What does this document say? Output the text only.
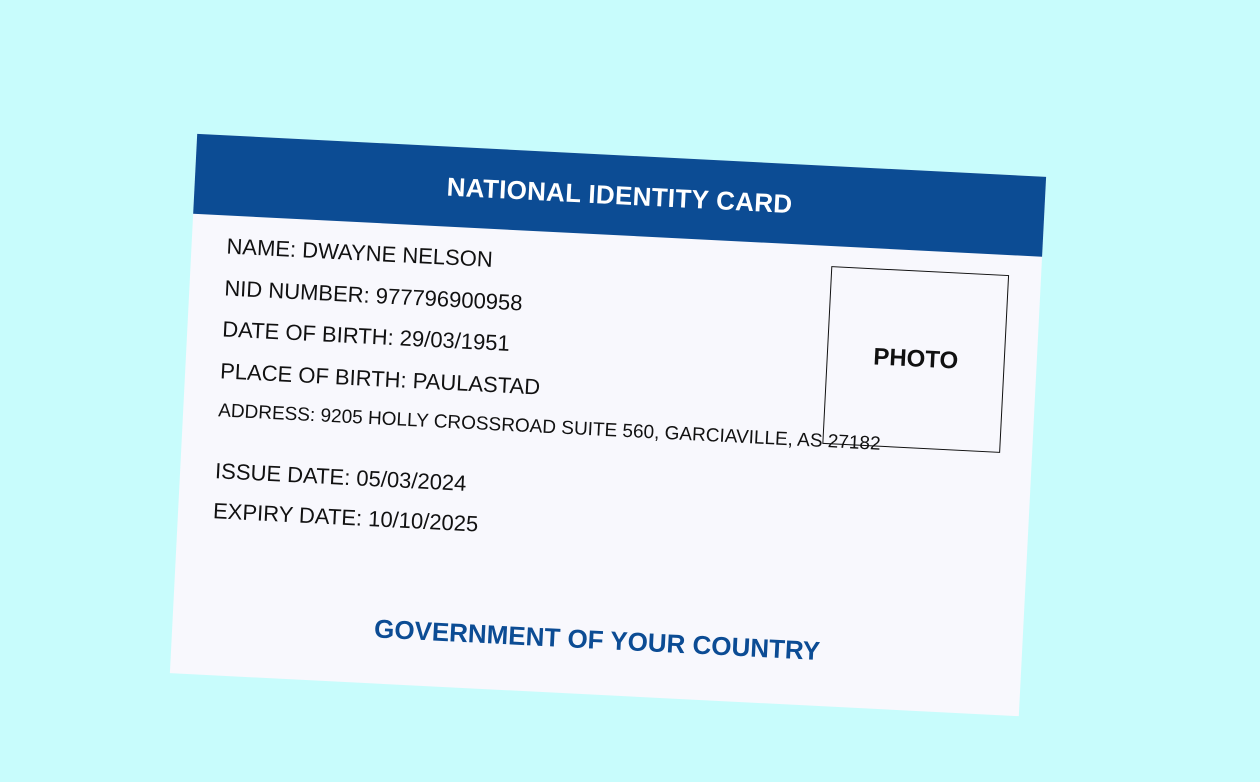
NATIONAL IDENTITY CARD
NAME: DWAYNE NELSON
NID NUMBER: 977796900958
DATE OF BIRTH: 29/03/1951
PLACE OF BIRTH: PAULASTAD
ADDRESS: 9205 HOLLY CROSSROAD SUITE 560, GARCIAVILLE, AS 27182
ISSUE DATE: 05/03/2024
EXPIRY DATE: 10/10/2025
PHOTO
GOVERNMENT OF YOUR COUNTRY
